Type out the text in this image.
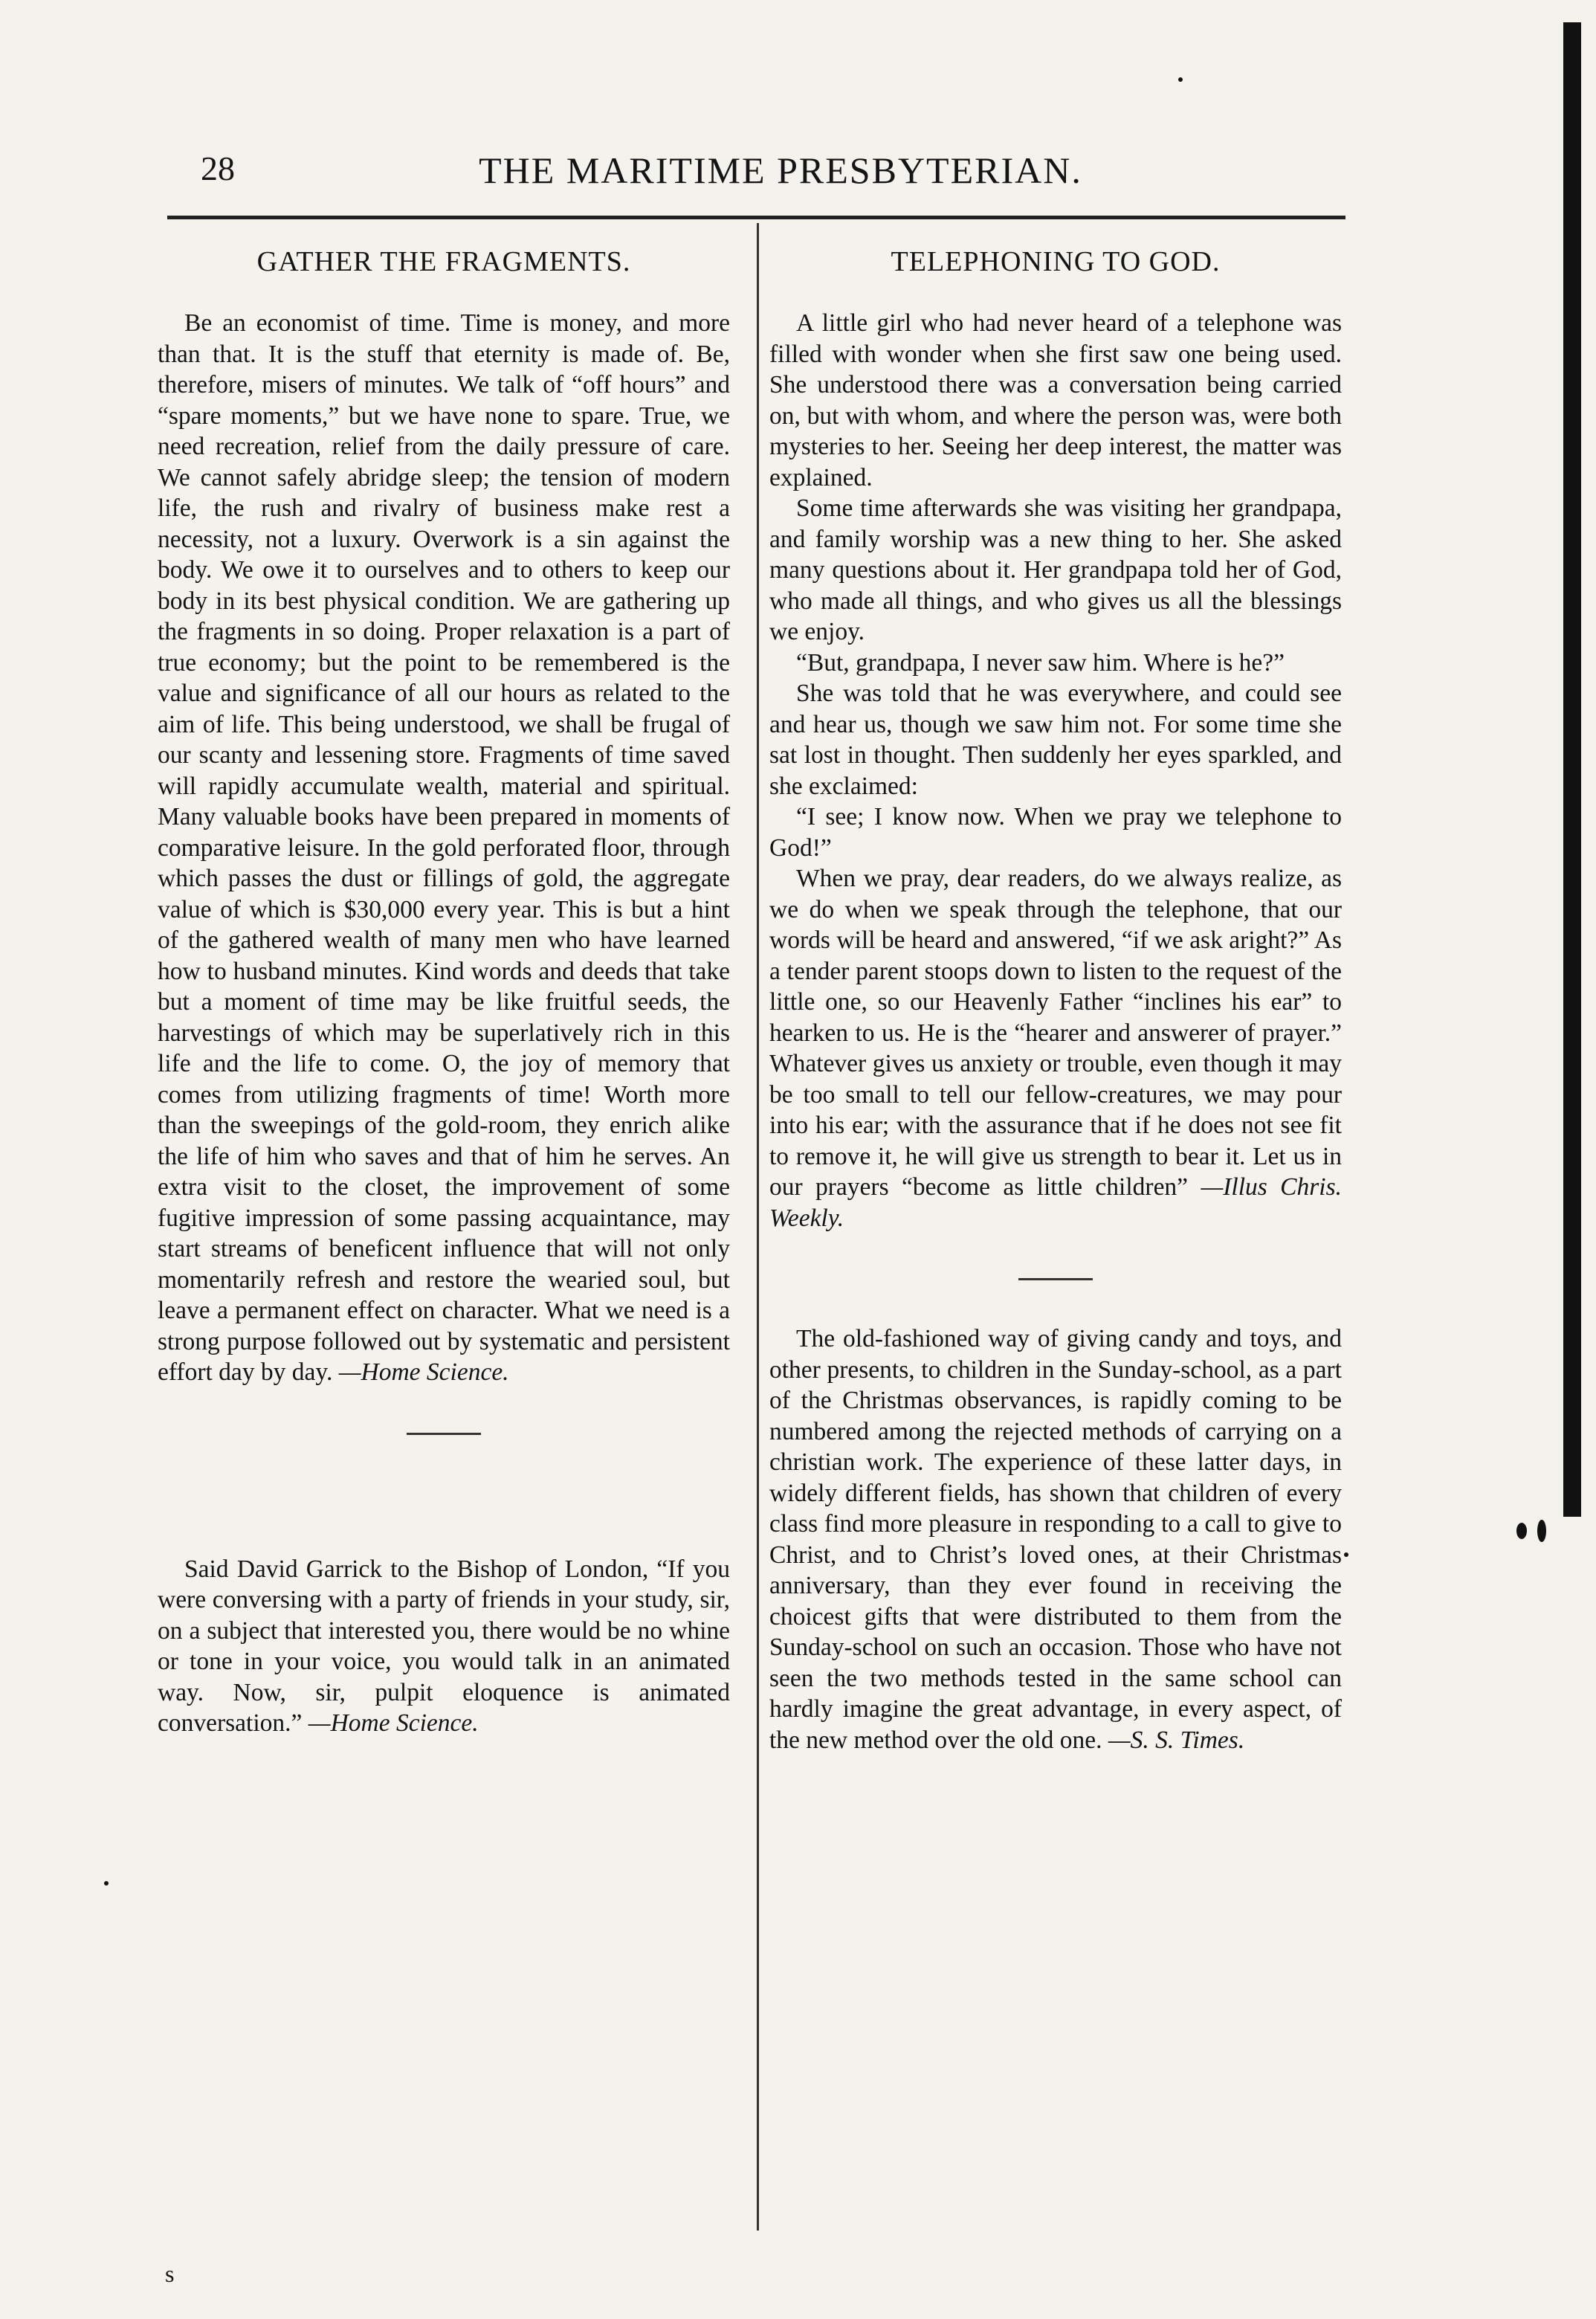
28	THE MARITIME PRESBYTERIAN.
GATHER THE FRAGMENTS.

Be an economist of time. Time is money, and more than that. It is the stuff that eternity is made of. Be, therefore, misers of minutes. We talk of “off hours” and “spare moments,” but we have none to spare. True, we need recreation, relief from the daily pressure of care. We cannot safely abridge sleep; the tension of modern life, the rush and rivalry of business make rest a necessity, not a luxury. Overwork is a sin against the body. We owe it to ourselves and to others to keep our body in its best physical condition. We are gathering up the fragments in so doing. Proper relaxation is a part of true economy; but the point to be remembered is the value and significance of all our hours as related to the aim of life. This being understood, we shall be frugal of our scanty and lessening store. Fragments of time saved will rapidly accumulate wealth, material and spiritual. Many valuable books have been prepared in moments of comparative leisure. In the gold perforated floor, through which passes the dust or fillings of gold, the aggregate value of which is $30,000 every year. This is but a hint of the gathered wealth of many men who have learned how to husband minutes. Kind words and deeds that take but a moment of time may be like fruitful seeds, the harvestings of which may be superlatively rich in this life and the life to come. O, the joy of memory that comes from utilizing fragments of time! Worth more than the sweepings of the gold-room, they enrich alike the life of him who saves and that of him he serves. An extra visit to the closet, the improvement of some fugitive impression of some passing acquaintance, may start streams of beneficent influence that will not only momentarily refresh and restore the wearied soul, but leave a permanent effect on character. What we need is a strong purpose followed out by systematic and persistent effort day by day. —Home Science.

Said David Garrick to the Bishop of London, “If you were conversing with a party of friends in your study, sir, on a subject that interested you, there would be no whine or tone in your voice, you would talk in an animated way. Now, sir, pulpit eloquence is animated conversation.” —Home Science.

s
TELEPHONING TO GOD.

A little girl who had never heard of a telephone was filled with wonder when she first saw one being used. She understood there was a conversation being carried on, but with whom, and where the person was, were both mysteries to her. Seeing her deep interest, the matter was explained.

Some time afterwards she was visiting her grandpapa, and family worship was a new thing to her. She asked many questions about it. Her grandpapa told her of God, who made all things, and who gives us all the blessings we enjoy.

“But, grandpapa, I never saw him. Where is he?”

She was told that he was everywhere, and could see and hear us, though we saw him not. For some time she sat lost in thought. Then suddenly her eyes sparkled, and she exclaimed:

“I see; I know now. When we pray we telephone to God!”

When we pray, dear readers, do we always realize, as we do when we speak through the telephone, that our words will be heard and answered, “if we ask aright?” As a tender parent stoops down to listen to the request of the little one, so our Heavenly Father “inclines his ear” to hearken to us. He is the “hearer and answerer of prayer.” Whatever gives us anxiety or trouble, even though it may be too small to tell our fellow-creatures, we may pour into his ear; with the assurance that if he does not see fit to remove it, he will give us strength to bear it. Let us in our prayers “become as little children” —Illus Chris. Weekly.

The old-fashioned way of giving candy and toys, and other presents, to children in the Sunday-school, as a part of the Christmas observances, is rapidly coming to be numbered among the rejected methods of carrying on a christian work. The experience of these latter days, in widely different fields, has shown that children of every class find more pleasure in responding to a call to give to Christ, and to Christ’s loved ones, at their Christmas anniversary, than they ever found in receiving the choicest gifts that were distributed to them from the Sunday-school on such an occasion. Those who have not seen the two methods tested in the same school can hardly imagine the great advantage, in every aspect, of the new method over the old one. —S. S. Times.
